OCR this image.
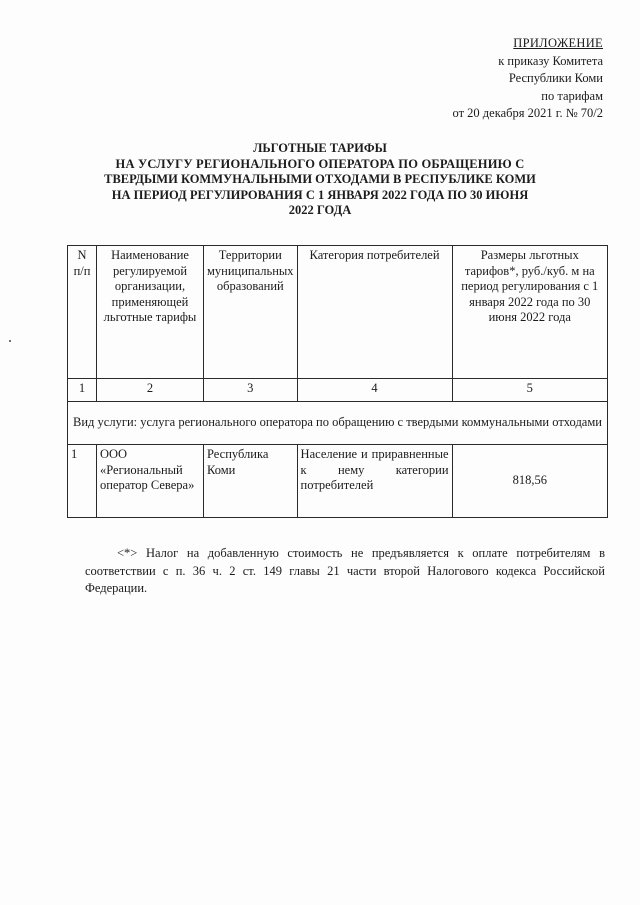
ПРИЛОЖЕНИЕ
к приказу Комитета
Республики Коми
по тарифам
от 20 декабря 2021 г. № 70/2
ЛЬГОТНЫЕ ТАРИФЫ
НА УСЛУГУ РЕГИОНАЛЬНОГО ОПЕРАТОРА ПО ОБРАЩЕНИЮ С
ТВЕРДЫМИ КОММУНАЛЬНЫМИ ОТХОДАМИ В РЕСПУБЛИКЕ КОМИ
НА ПЕРИОД РЕГУЛИРОВАНИЯ С 1 ЯНВАРЯ 2022 ГОДА ПО 30 ИЮНЯ
2022 ГОДА
N п/п	Наименование регулируемой организации, применяющей льготные тарифы	Территории муниципальных образований	Категория потребителей	Размеры льготных тарифов*, руб./куб. м на период регулирования с 1 января 2022 года по 30 июня 2022 года
1	2	3	4	5
Вид услуги: услуга регионального оператора по обращению с твердыми коммунальными отходами				
1	ООО «Региональный оператор Севера»	Республика Коми	Население и приравненные к нему категории потребителей	818,56
<*> Налог на добавленную стоимость не предъявляется к оплате потребителям в соответствии с п. 36 ч. 2 ст. 149 главы 21 части второй Налогового кодекса Российской Федерации.
